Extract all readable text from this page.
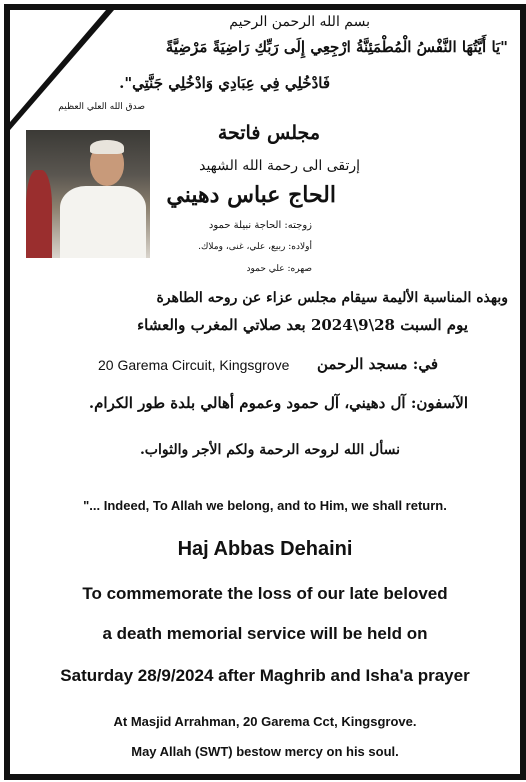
بسم الله الرحمن الرحيم
"يَا أَيَّتُهَا النَّفْسُ الْمُطْمَئِنَّةُ ارْجِعِي إِلَى رَبِّكِ رَاضِيَةً مَرْضِيَّةً
فَادْخُلِي فِي عِبَادِي وَادْخُلِي جَنَّتِي".
صدق الله العلي العظيم
مجلس فاتحة
إرتقى الى رحمة الله الشهيد
الحاج عباس دهيني
زوجته: الحاجة نبيلة حمود
أولاده: ربيع، علي، غنى، وملاك.
صهره: علي حمود
وبهذه المناسبة الأليمة سيقام مجلس عزاء عن روحه الطاهرة
يوم السبت 28\9\2024 بعد صلاتي المغرب والعشاء
في: مسجد الرحمن
20 Garema Circuit, Kingsgrove
الآسفون: آل دهيني، آل حمود وعموم أهالي بلدة طور الكرام.
نسأل الله لروحه الرحمة ولكم الأجر والثواب.
"... Indeed, To Allah we belong, and to Him, we shall return.
Haj Abbas Dehaini
To commemorate the loss of our late beloved
a death memorial service will be held on
Saturday 28/9/2024 after Maghrib and Isha'a prayer
At Masjid Arrahman, 20 Garema Cct, Kingsgrove.
May Allah (SWT) bestow mercy on his soul.
